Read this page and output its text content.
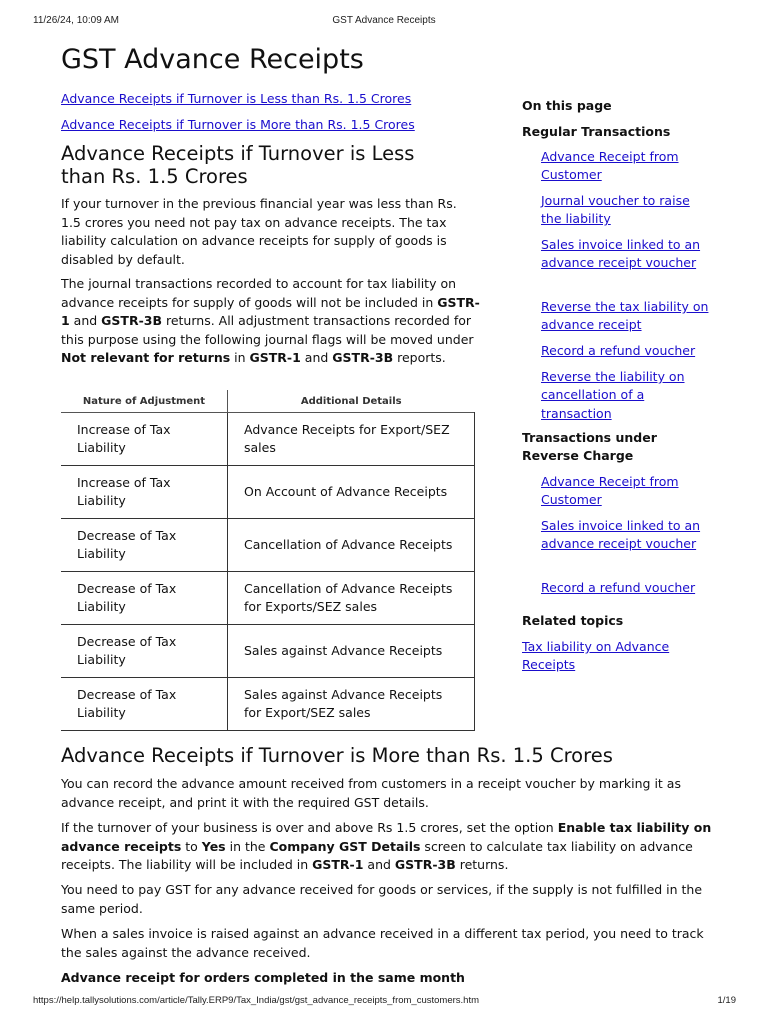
11/26/24, 10:09 AM	GST Advance Receipts
GST Advance Receipts
Advance Receipts if Turnover is Less than Rs. 1.5 Crores
Advance Receipts if Turnover is More than Rs. 1.5 Crores
Advance Receipts if Turnover is Less than Rs. 1.5 Crores

If your turnover in the previous financial year was less than Rs. 1.5 crores you need not pay tax on advance receipts. The tax liability calculation on advance receipts for supply of goods is disabled by default.

The journal transactions recorded to account for tax liability on advance receipts for supply of goods will not be included in GSTR-1 and GSTR-3B returns. All adjustment transactions recorded for this purpose using the following journal flags will be moved under Not relevant for returns in GSTR-1 and GSTR-3B reports.

Nature of Adjustment	Additional Details
Increase of Tax Liability	Advance Receipts for Export/SEZ sales
Increase of Tax Liability	On Account of Advance Receipts
Decrease of Tax Liability	Cancellation of Advance Receipts
Decrease of Tax Liability	Cancellation of Advance Receipts for Exports/SEZ sales
Decrease of Tax Liability	Sales against Advance Receipts
Decrease of Tax Liability	Sales against Advance Receipts for Export/SEZ sales
Advance Receipts if Turnover is More than Rs. 1.5 Crores

You can record the advance amount received from customers in a receipt voucher by marking it as advance receipt, and print it with the required GST details.

If the turnover of your business is over and above Rs 1.5 crores, set the option Enable tax liability on advance receipts to Yes in the Company GST Details screen to calculate tax liability on advance receipts. The liability will be included in GSTR-1 and GSTR-3B returns.

You need to pay GST for any advance received for goods or services, if the supply is not fulfilled in the same period.

When a sales invoice is raised against an advance received in a different tax period, you need to track the sales against the advance received.

Advance receipt for orders completed in the same month

On this page
Regular Transactions
Advance Receipt from Customer
Journal voucher to raise the liability
Sales invoice linked to an advance receipt voucher
Reverse the tax liability on advance receipt
Record a refund voucher
Reverse the liability on cancellation of a transaction
Transactions under Reverse Charge
Advance Receipt from Customer
Sales invoice linked to an advance receipt voucher
Record a refund voucher
Related topics
Tax liability on Advance Receipts
https://help.tallysolutions.com/article/Tally.ERP9/Tax_India/gst/gst_advance_receipts_from_customers.htm	1/19
